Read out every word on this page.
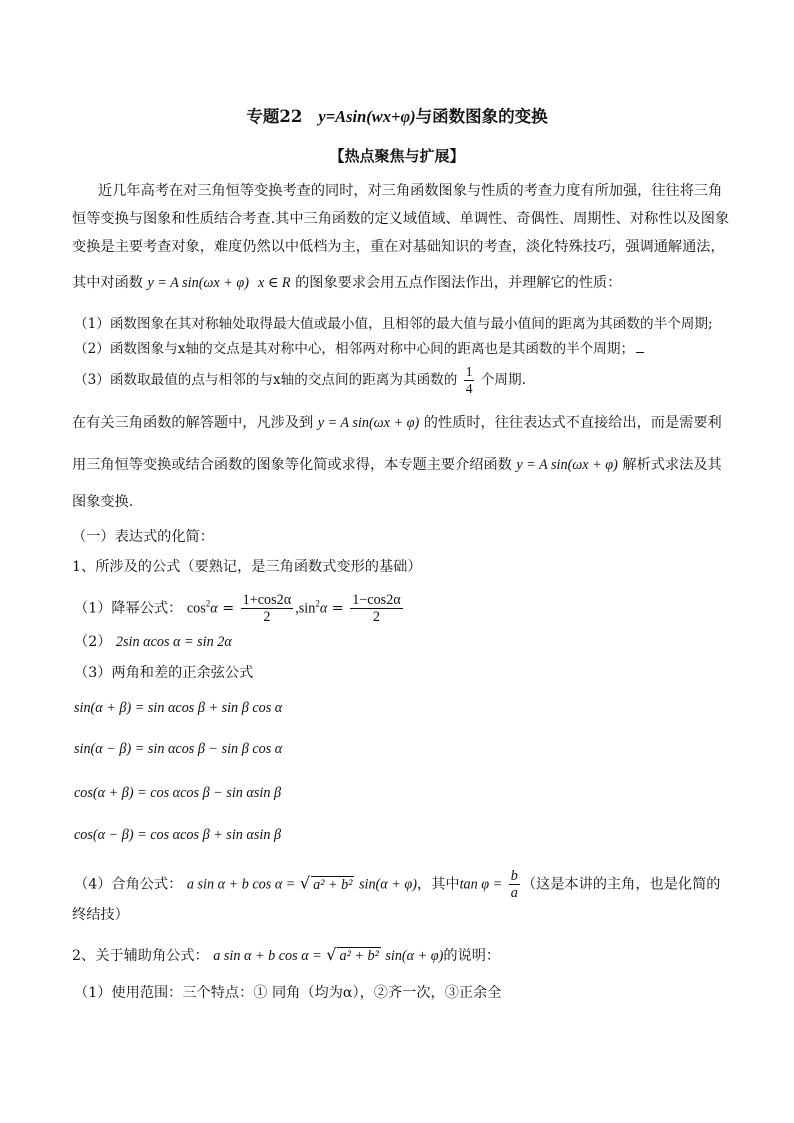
专题22 y=Asin(wx+φ)与函数图象的变换
【热点聚焦与扩展】
近几年高考在对三角恒等变换考查的同时，对三角函数图象与性质的考查力度有所加强，往往将三角
恒等变换与图象和性质结合考查.其中三角函数的定义域值域、单调性、奇偶性、周期性、对称性以及图象
变换是主要考查对象，难度仍然以中低档为主，重在对基础知识的考查，淡化特殊技巧，强调通解通法，
其中对函数 y = A sin(ωx + φ) x ∈ R 的图象要求会用五点作图法作出，并理解它的性质：
（1）函数图象在其对称轴处取得最大值或最小值，且相邻的最大值与最小值间的距离为其函数的半个周期;
（2）函数图象与x轴的交点是其对称中心，相邻两对称中心间的距离也是其函数的半个周期；
（3）函数取最值的点与相邻的与x轴的交点间的距离为其函数的 $\frac{1}{4}$ 个周期.
在有关三角函数的解答题中，凡涉及到 y = A sin(ωx + φ) 的性质时，往往表达式不直接给出，而是需要利
用三角恒等变换或结合函数的图象等化简或求得，本专题主要介绍函数 y = A sin(ωx + φ) 解析式求法及其
图象变换.
（一）表达式的化简：
1、所涉及的公式（要熟记，是三角函数式变形的基础）
（1）降幂公式： $\cos^2\alpha = \frac{1+\cos 2\alpha}{2} ,\sin^2\alpha = \frac{1-\cos 2\alpha}{2}$
（2） 2sin αcos α = sin 2α
（3）两角和差的正余弦公式
sin(α + β) = sin αcos β + sin β cos α
sin(α − β) = sin αcos β − sin β cos α
cos(α + β) = cos αcos β − sin αsin β
cos(α − β) = cos αcos β + sin αsin β
（4）合角公式： a sin α + b cos α = √ a² + b² sin(α + φ)，其中$\tan \varphi = \frac{b}{a}$ （这是本讲的主角，也是化简的
终结技）
2、关于辅助角公式： a sin α + b cos α = √ a² + b² sin(α + φ)的说明：
（1）使用范围：三个特点：① 同角（均为α），②齐一次，③正余全
